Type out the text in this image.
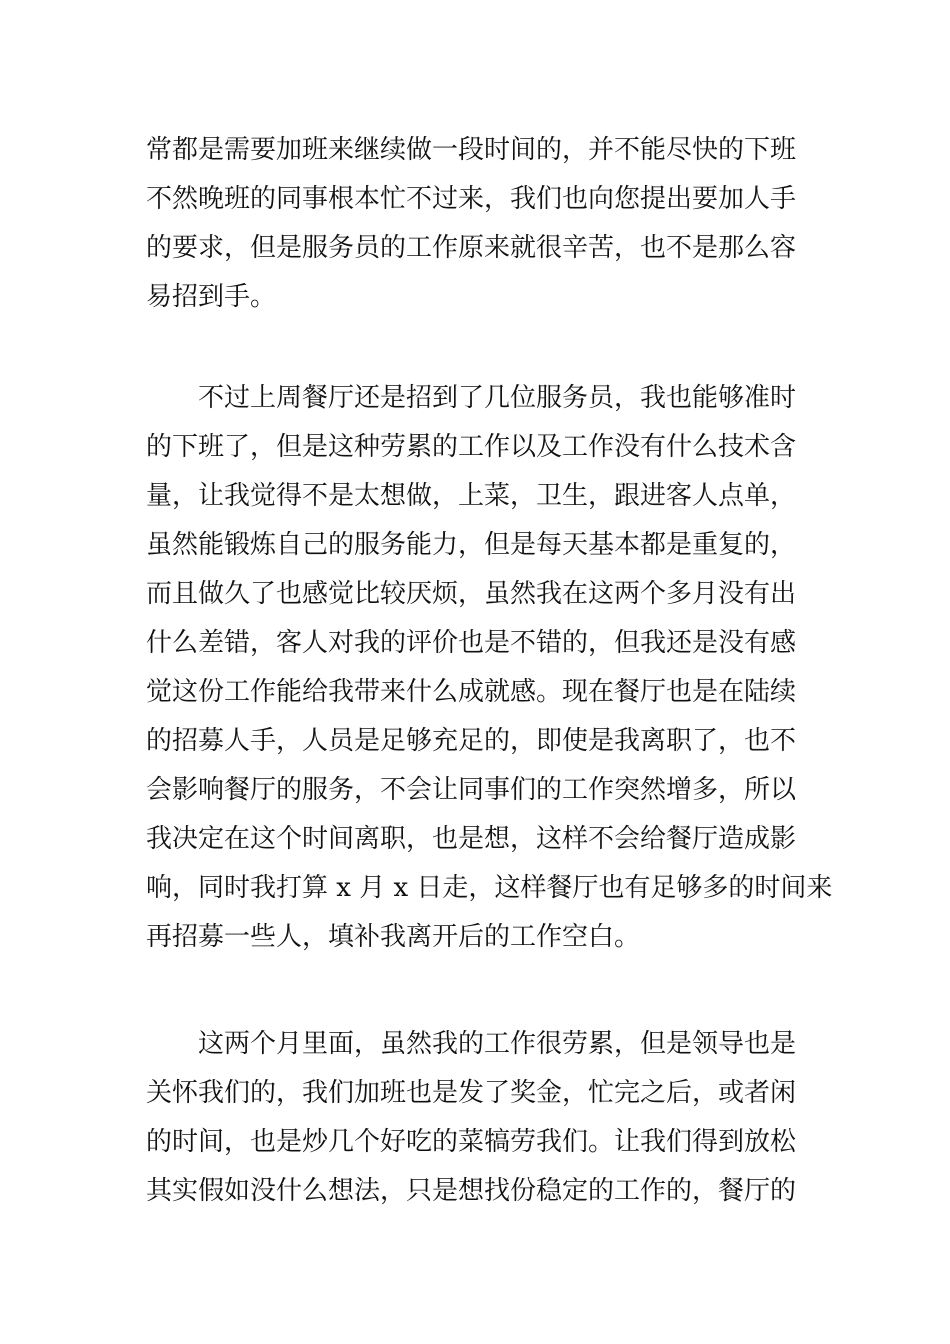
常都是需要加班来继续做一段时间的，并不能尽快的下班
不然晚班的同事根本忙不过来，我们也向您提出要加人手
的要求，但是服务员的工作原来就很辛苦，也不是那么容
易招到手。
不过上周餐厅还是招到了几位服务员，我也能够准时
的下班了，但是这种劳累的工作以及工作没有什么技术含
量，让我觉得不是太想做，上菜，卫生，跟进客人点单，
虽然能锻炼自己的服务能力，但是每天基本都是重复的，
而且做久了也感觉比较厌烦，虽然我在这两个多月没有出
什么差错，客人对我的评价也是不错的，但我还是没有感
觉这份工作能给我带来什么成就感。现在餐厅也是在陆续
的招募人手，人员是足够充足的，即使是我离职了，也不
会影响餐厅的服务，不会让同事们的工作突然增多，所以
我决定在这个时间离职，也是想，这样不会给餐厅造成影
响，同时我打算 x 月 x 日走，这样餐厅也有足够多的时间来
再招募一些人，填补我离开后的工作空白。
这两个月里面，虽然我的工作很劳累，但是领导也是
关怀我们的，我们加班也是发了奖金，忙完之后，或者闲
的时间，也是炒几个好吃的菜犒劳我们。让我们得到放松
其实假如没什么想法，只是想找份稳定的工作的，餐厅的
